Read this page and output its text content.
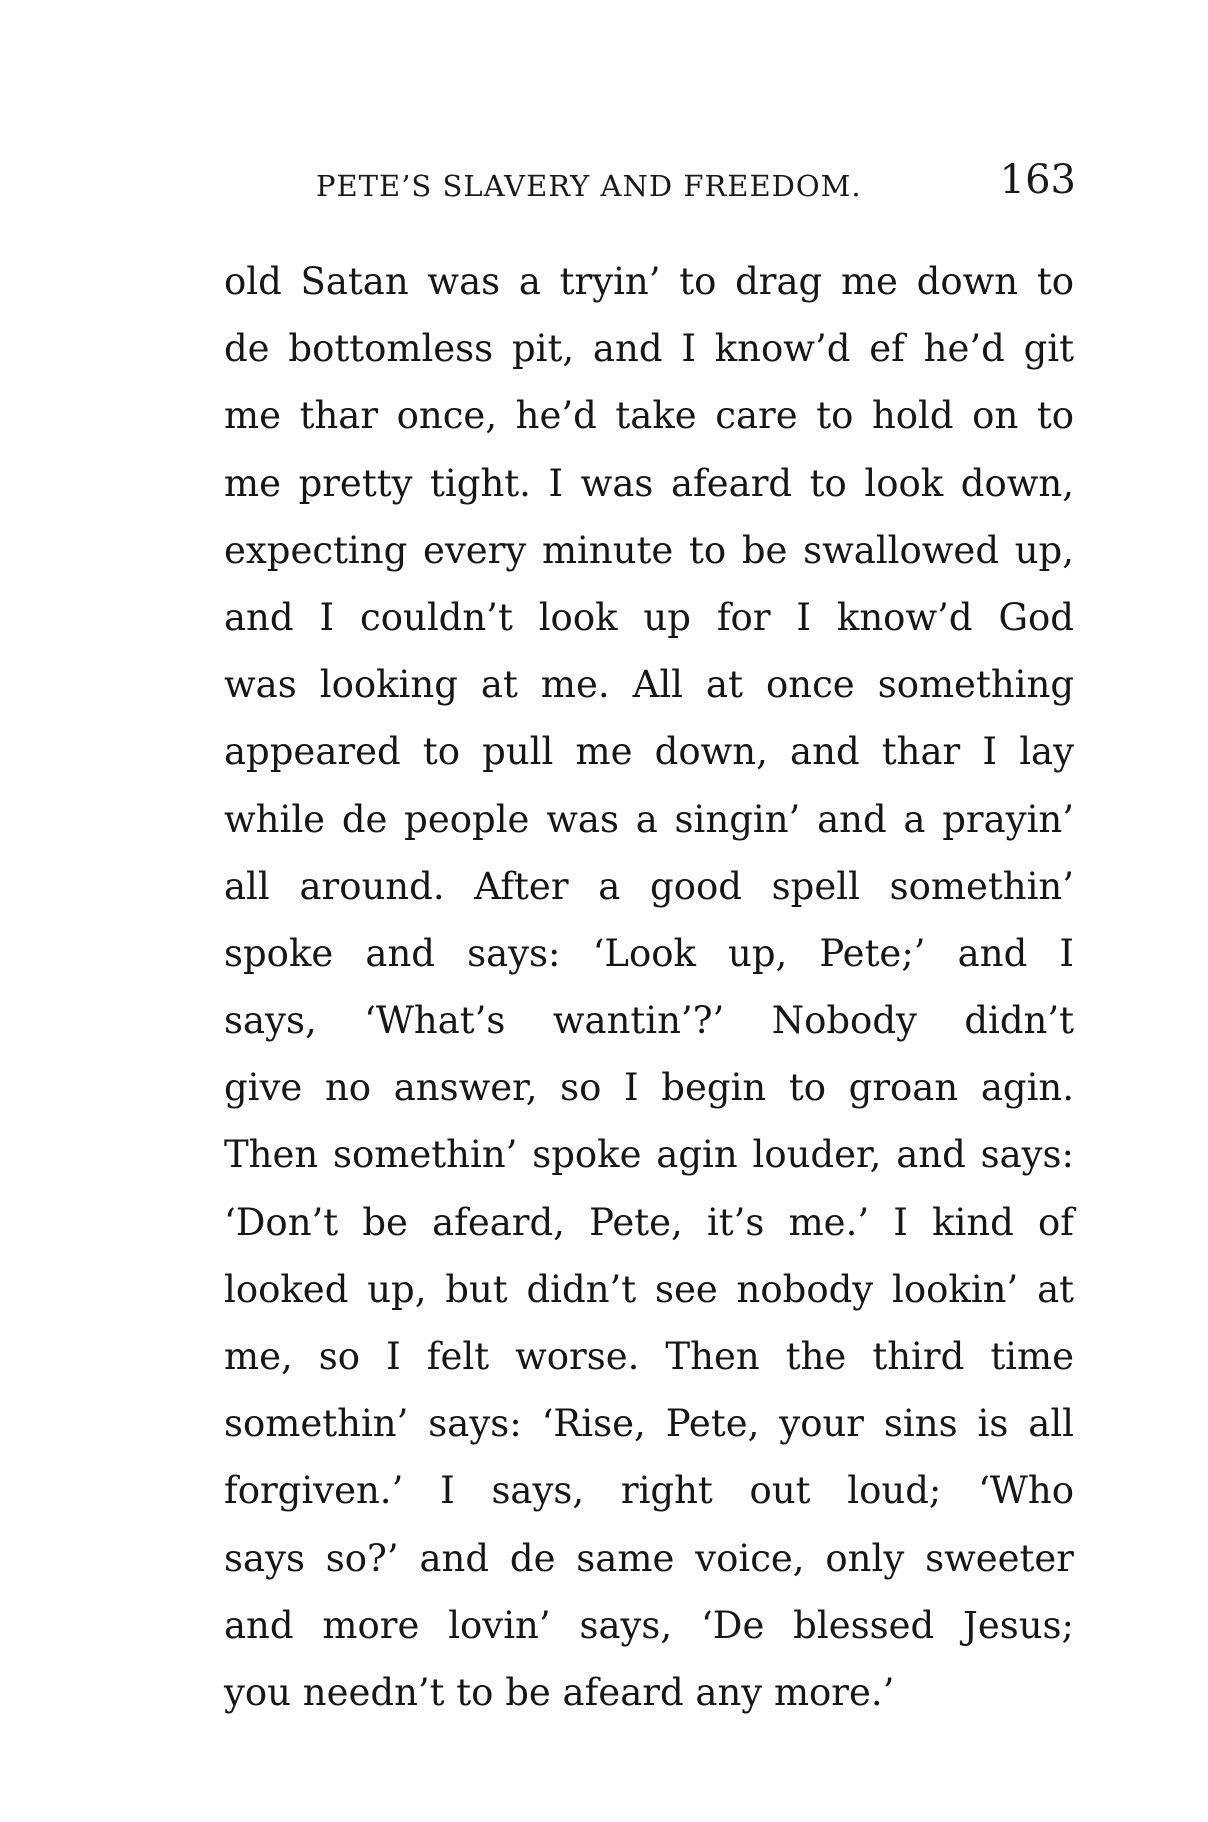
PETE’S SLAVERY AND FREEDOM.	163
old Satan was a tryin’ to drag me down to
de bottomless pit, and I know’d ef he’d git
me thar once, he’d take care to hold on to
me pretty tight. I was afeard to look down,
expecting every minute to be swallowed up,
and I couldn’t look up for I know’d God
was looking at me. All at once something
appeared to pull me down, and thar I lay
while de people was a singin’ and a prayin’
all around. After a good spell somethin’
spoke and says: ‘Look up, Pete;’ and I
says, ‘What’s wantin’?’ Nobody didn’t
give no answer, so I begin to groan agin.
Then somethin’ spoke agin louder, and says:
‘Don’t be afeard, Pete, it’s me.’ I kind of
looked up, but didn’t see nobody lookin’ at
me, so I felt worse. Then the third time
somethin’ says: ‘Rise, Pete, your sins is all
forgiven.’ I says, right out loud; ‘Who
says so?’ and de same voice, only sweeter
and more lovin’ says, ‘De blessed Jesus;
you needn’t to be afeard any more.’
